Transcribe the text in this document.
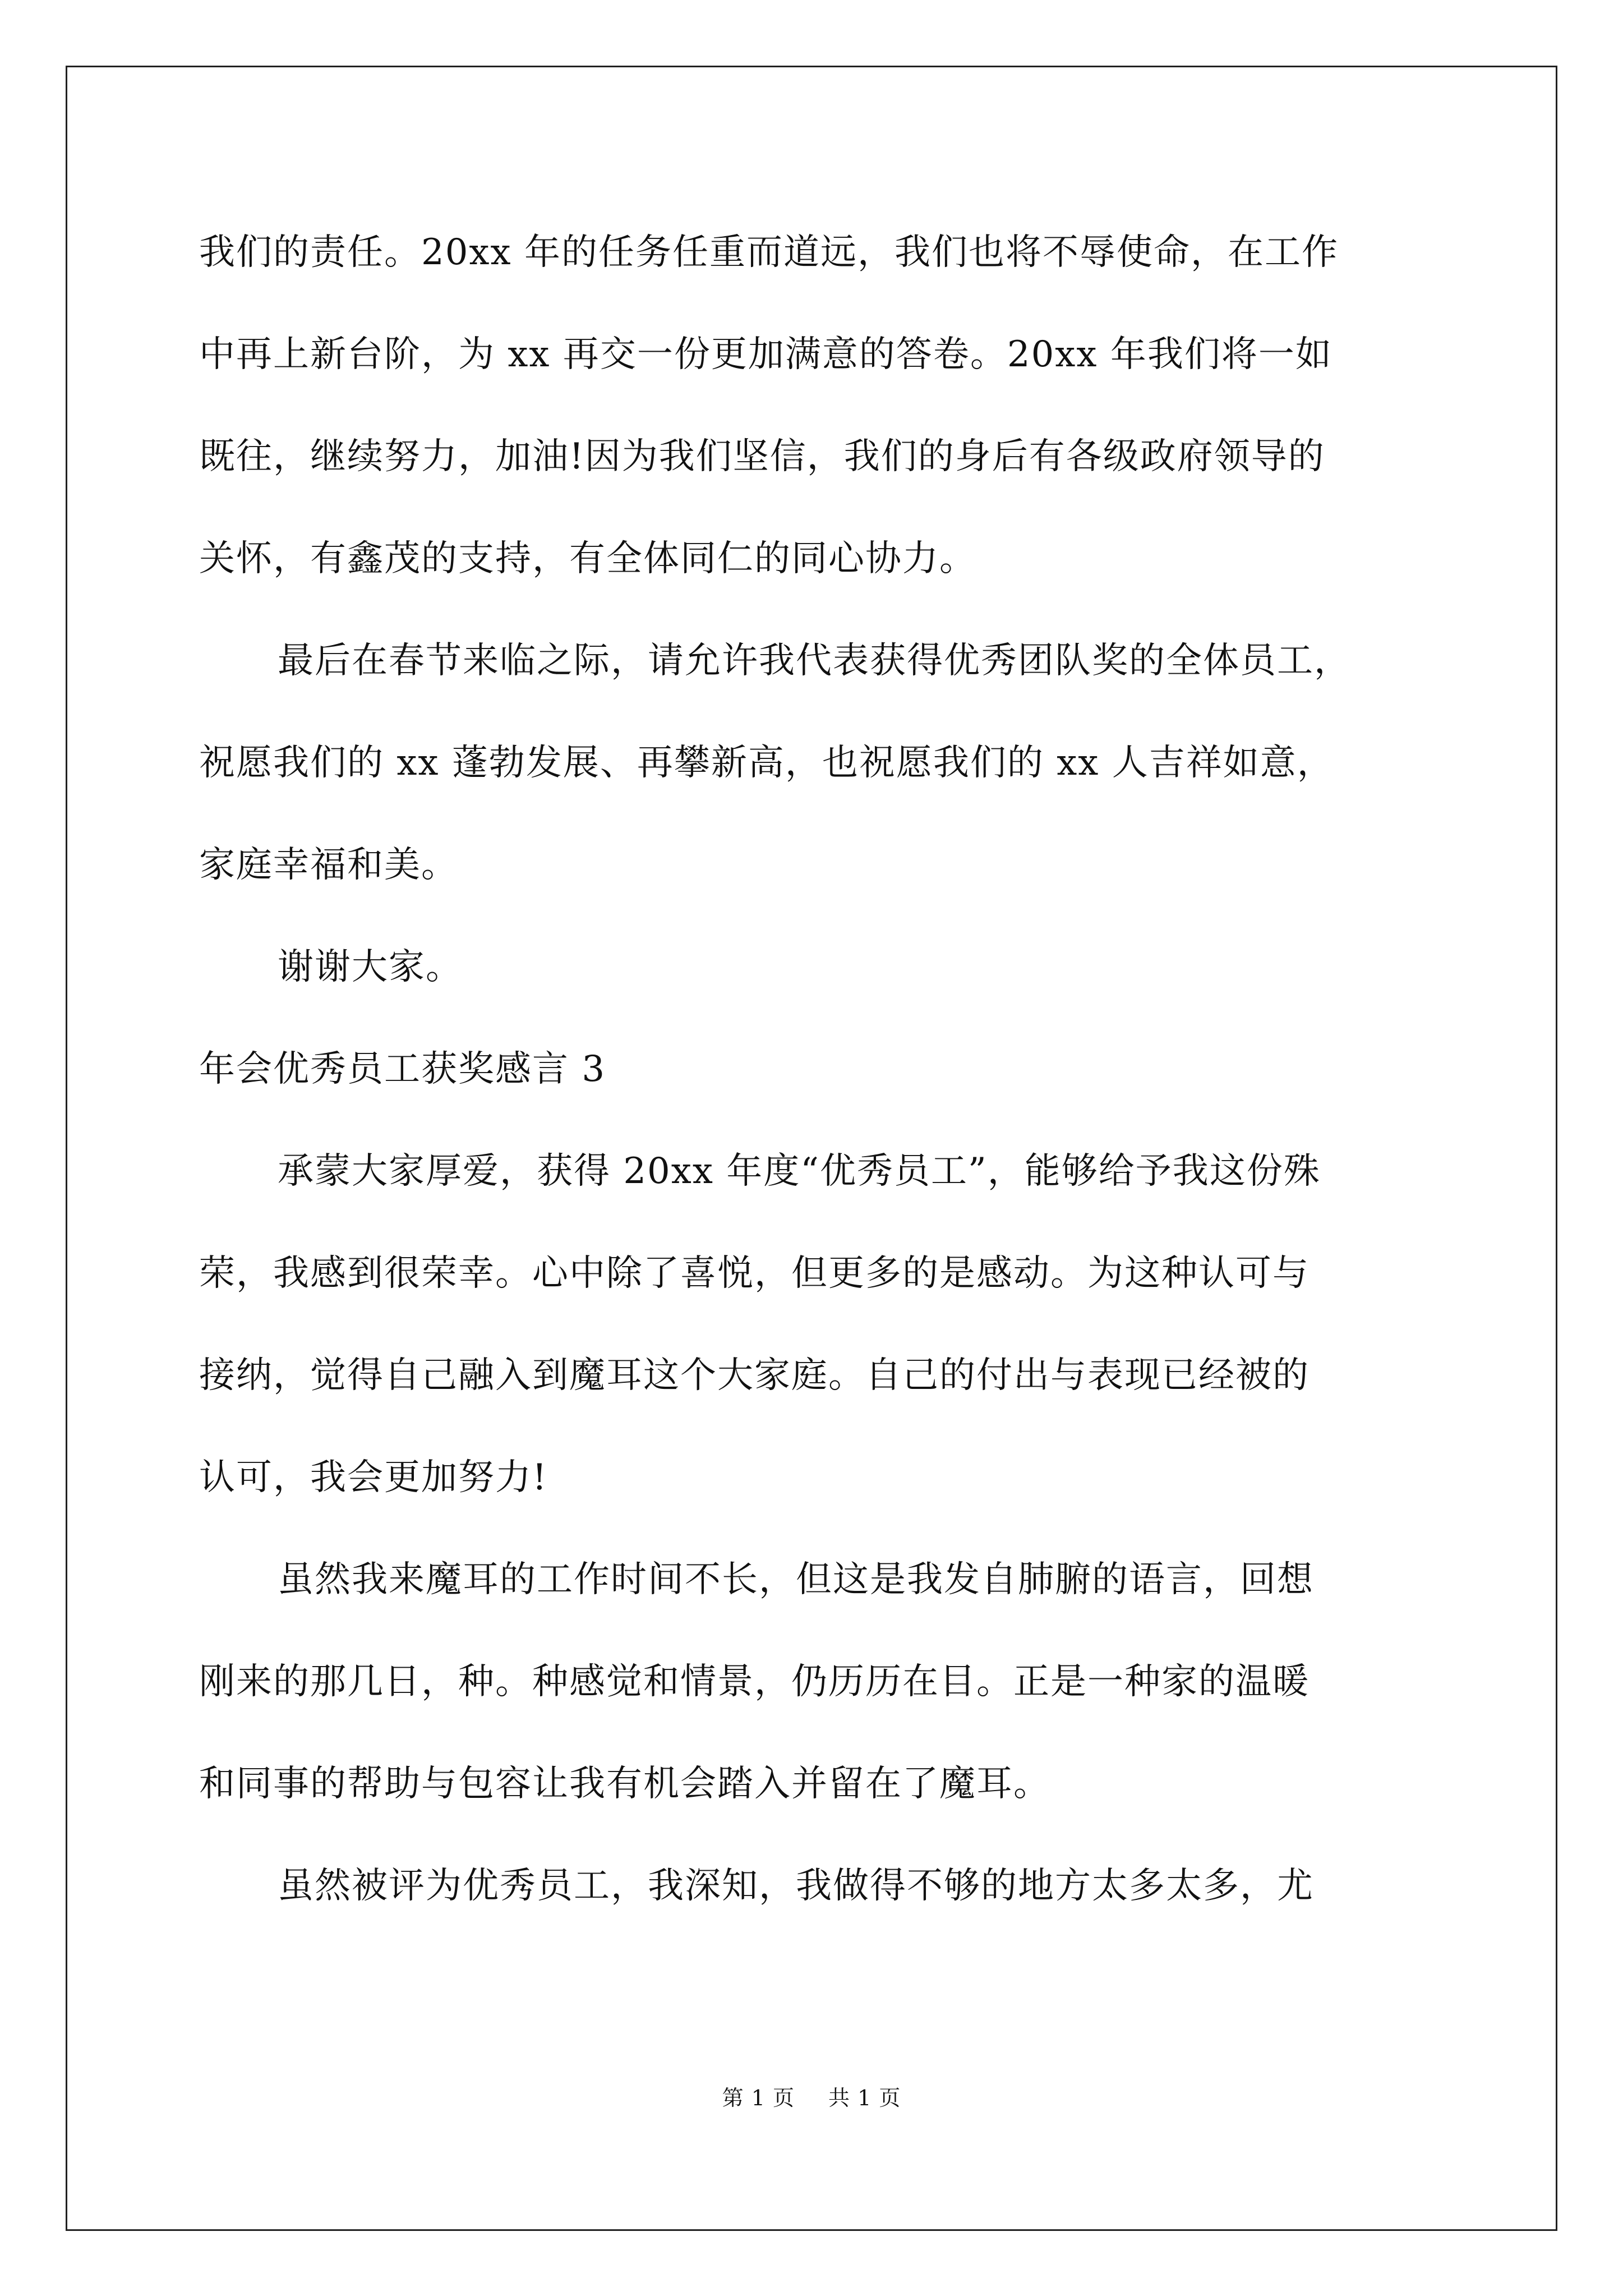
我们的责任。20xx 年的任务任重而道远，我们也将不辱使命，在工作
中再上新台阶，为 xx 再交一份更加满意的答卷。20xx 年我们将一如
既往，继续努力，加油!因为我们坚信，我们的身后有各级政府领导的
关怀，有鑫茂的支持，有全体同仁的同心协力。
最后在春节来临之际，请允许我代表获得优秀团队奖的全体员工，
祝愿我们的 xx 蓬勃发展、再攀新高，也祝愿我们的 xx 人吉祥如意，
家庭幸福和美。
谢谢大家。
年会优秀员工获奖感言 3
承蒙大家厚爱，获得 20xx 年度“优秀员工”，能够给予我这份殊
荣，我感到很荣幸。心中除了喜悦，但更多的是感动。为这种认可与
接纳，觉得自己融入到魔耳这个大家庭。自己的付出与表现已经被的
认可，我会更加努力!
虽然我来魔耳的工作时间不长，但这是我发自肺腑的语言，回想
刚来的那几日，种。种感觉和情景，仍历历在目。正是一种家的温暖
和同事的帮助与包容让我有机会踏入并留在了魔耳。
虽然被评为优秀员工，我深知，我做得不够的地方太多太多，尤
第 1 页 共 1 页
